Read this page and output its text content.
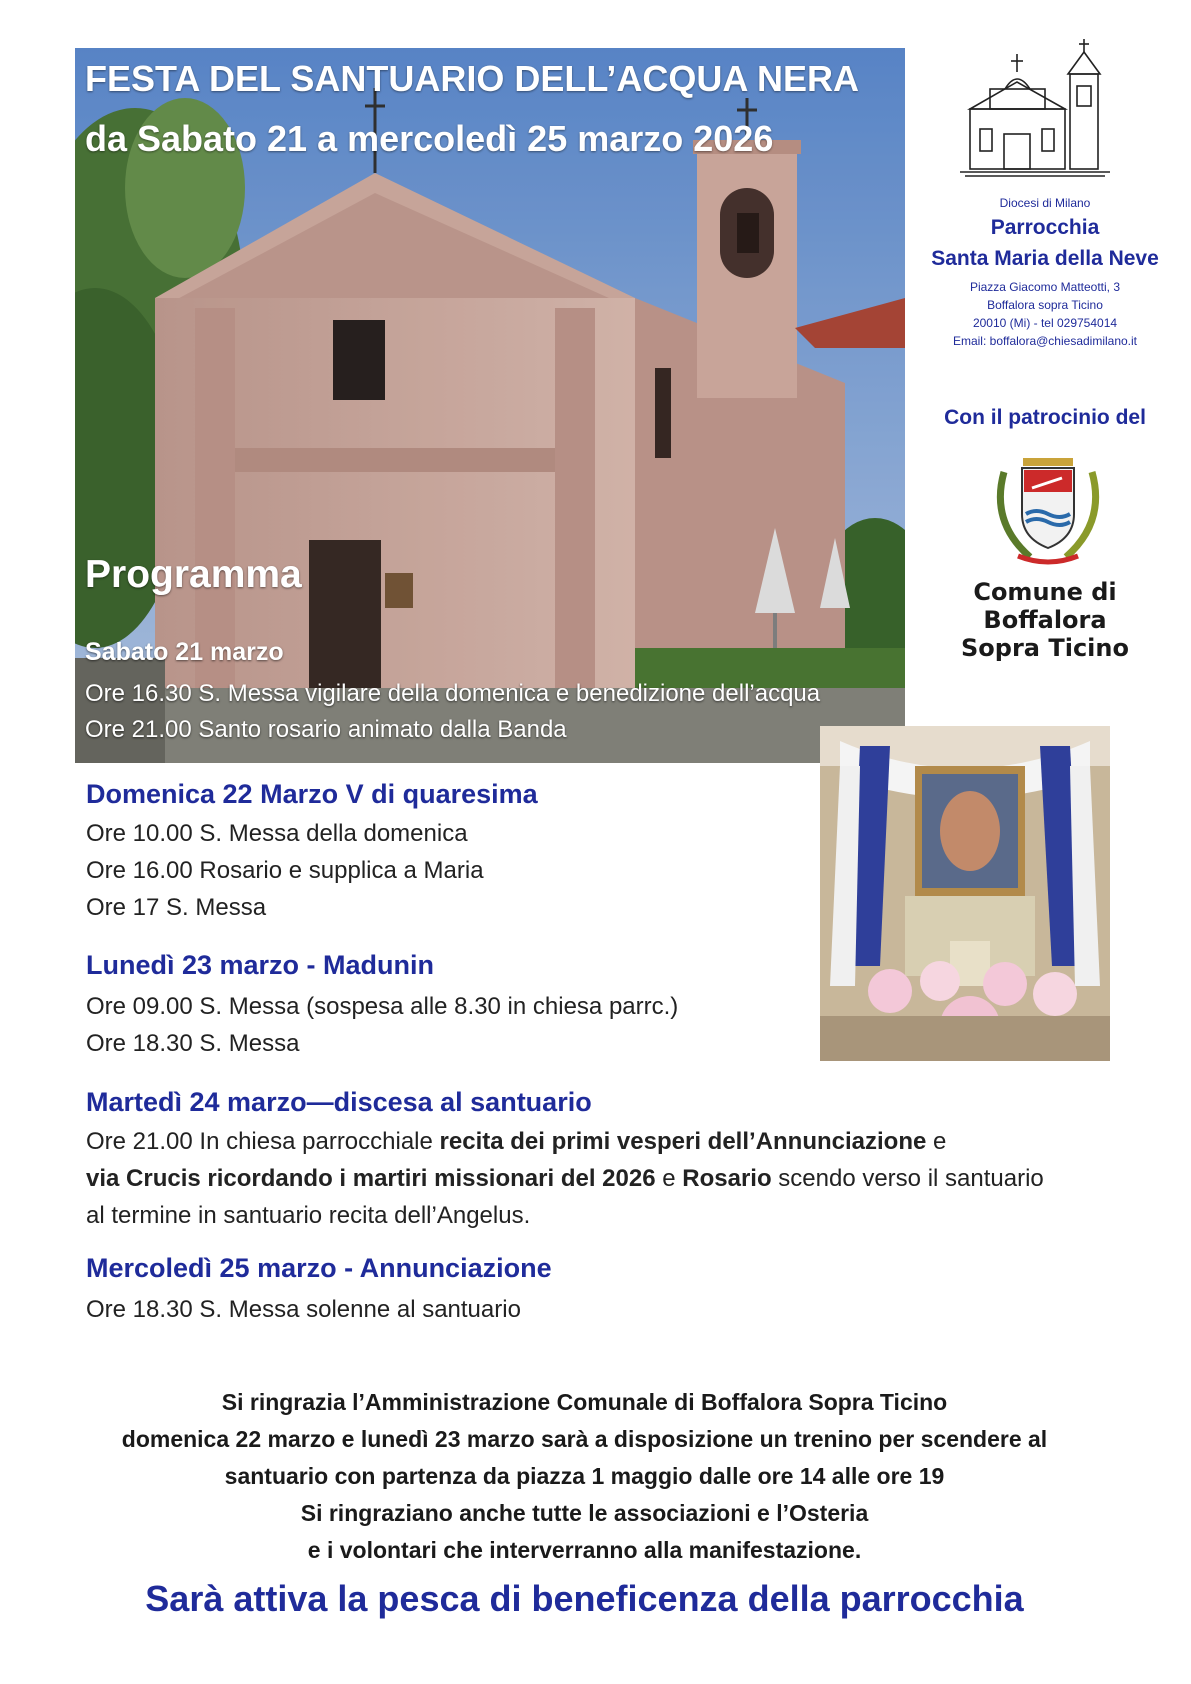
FESTA DEL SANTUARIO DELL’ACQUA NERA
da Sabato 21 a mercoledì 25 marzo 2026
Programma
Sabato 21 marzo
Ore 16.30 S. Messa vigilare della domenica e benedizione dell’acqua
Ore 21.00 Santo rosario animato dalla Banda
Diocesi di Milano
Parrocchia
Santa Maria della Neve
Piazza Giacomo Matteotti, 3
Boffalora sopra Ticino
20010 (Mi) - tel 029754014
Email: boffalora@chiesadimilano.it
Con il patrocinio del
Comune di
Boffalora
Sopra Ticino
Domenica 22 Marzo V di quaresima
Ore 10.00 S. Messa della domenica
Ore 16.00 Rosario e supplica a Maria
Ore 17 S. Messa
Lunedì 23 marzo - Madunin
Ore 09.00 S. Messa (sospesa alle 8.30 in chiesa parrc.)
Ore 18.30 S. Messa
Martedì 24 marzo—discesa al santuario
Ore 21.00 In chiesa parrocchiale recita dei primi vesperi dell’Annunciazione e
via Crucis ricordando i martiri missionari del 2026 e Rosario scendo verso il santuario
al termine in santuario recita dell’Angelus.
Mercoledì 25 marzo - Annunciazione
Ore 18.30 S. Messa solenne al santuario
Si ringrazia l’Amministrazione Comunale di Boffalora Sopra Ticino
domenica 22 marzo e lunedì 23 marzo sarà a disposizione un trenino per scendere al
santuario con partenza da piazza 1 maggio dalle ore 14 alle ore 19
Si ringraziano anche tutte le associazioni e l’Osteria
e i volontari che interverranno alla manifestazione.
Sarà attiva la pesca di beneficenza della parrocchia
